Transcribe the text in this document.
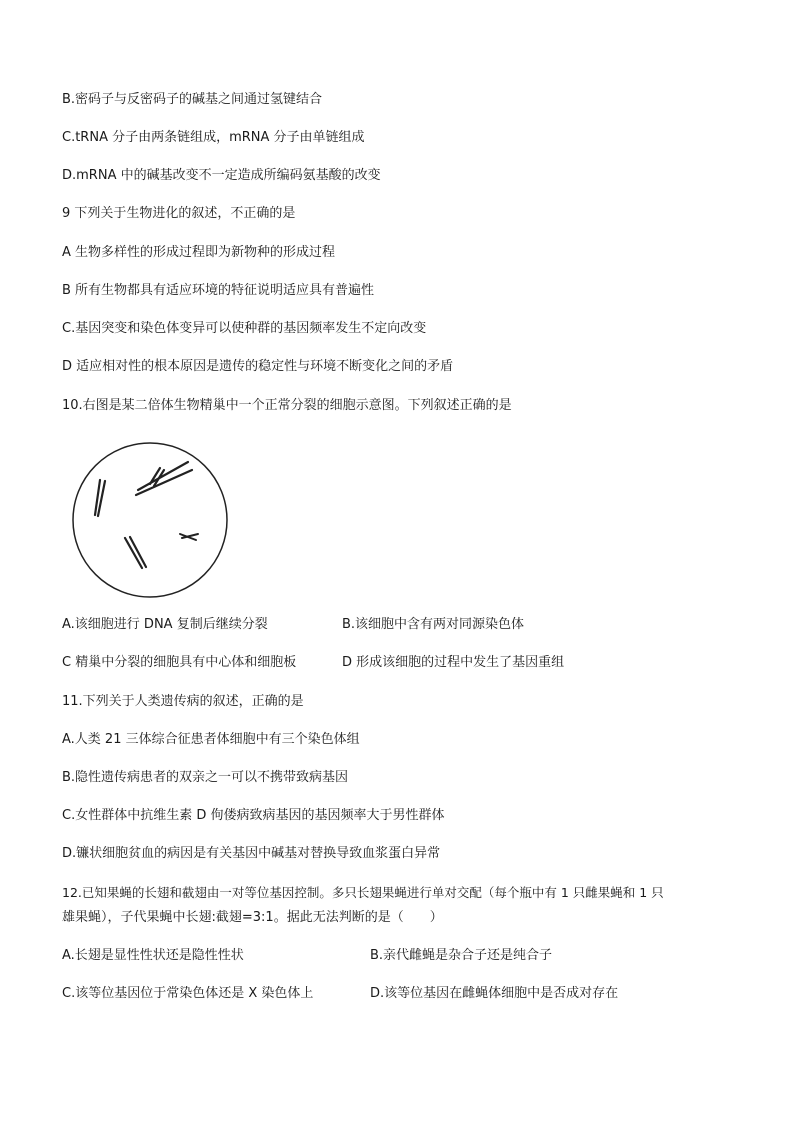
B.密码子与反密码子的碱基之间通过氢键结合
C.tRNA 分子由两条链组成，mRNA 分子由单链组成
D.mRNA 中的碱基改变不一定造成所编码氨基酸的改变
9 下列关于生物进化的叙述，不正确的是
A 生物多样性的形成过程即为新物种的形成过程
B 所有生物都具有适应环境的特征说明适应具有普遍性
C.基因突变和染色体变异可以使种群的基因频率发生不定向改变
D 适应相对性的根本原因是遗传的稳定性与环境不断变化之间的矛盾
10.右图是某二倍体生物精巢中一个正常分裂的细胞示意图。下列叙述正确的是
A.该细胞进行 DNA 复制后继续分裂	B.该细胞中含有两对同源染色体
C 精巢中分裂的细胞具有中心体和细胞板	D 形成该细胞的过程中发生了基因重组
11.下列关于人类遗传病的叙述，正确的是
A.人类 21 三体综合征患者体细胞中有三个染色体组
B.隐性遗传病患者的双亲之一可以不携带致病基因
C.女性群体中抗维生素 D 佝偻病致病基因的基因频率大于男性群体
D.镰状细胞贫血的病因是有关基因中碱基对替换导致血浆蛋白异常
12.已知果蝇的长翅和截翅由一对等位基因控制。多只长翅果蝇进行单对交配（每个瓶中有 1 只雌果蝇和 1 只
雄果蝇），子代果蝇中长翅:截翅=3:1。据此无法判断的是（　　）
A.长翅是显性性状还是隐性性状	B.亲代雌蝇是杂合子还是纯合子
C.该等位基因位于常染色体还是 X 染色体上	D.该等位基因在雌蝇体细胞中是否成对存在
